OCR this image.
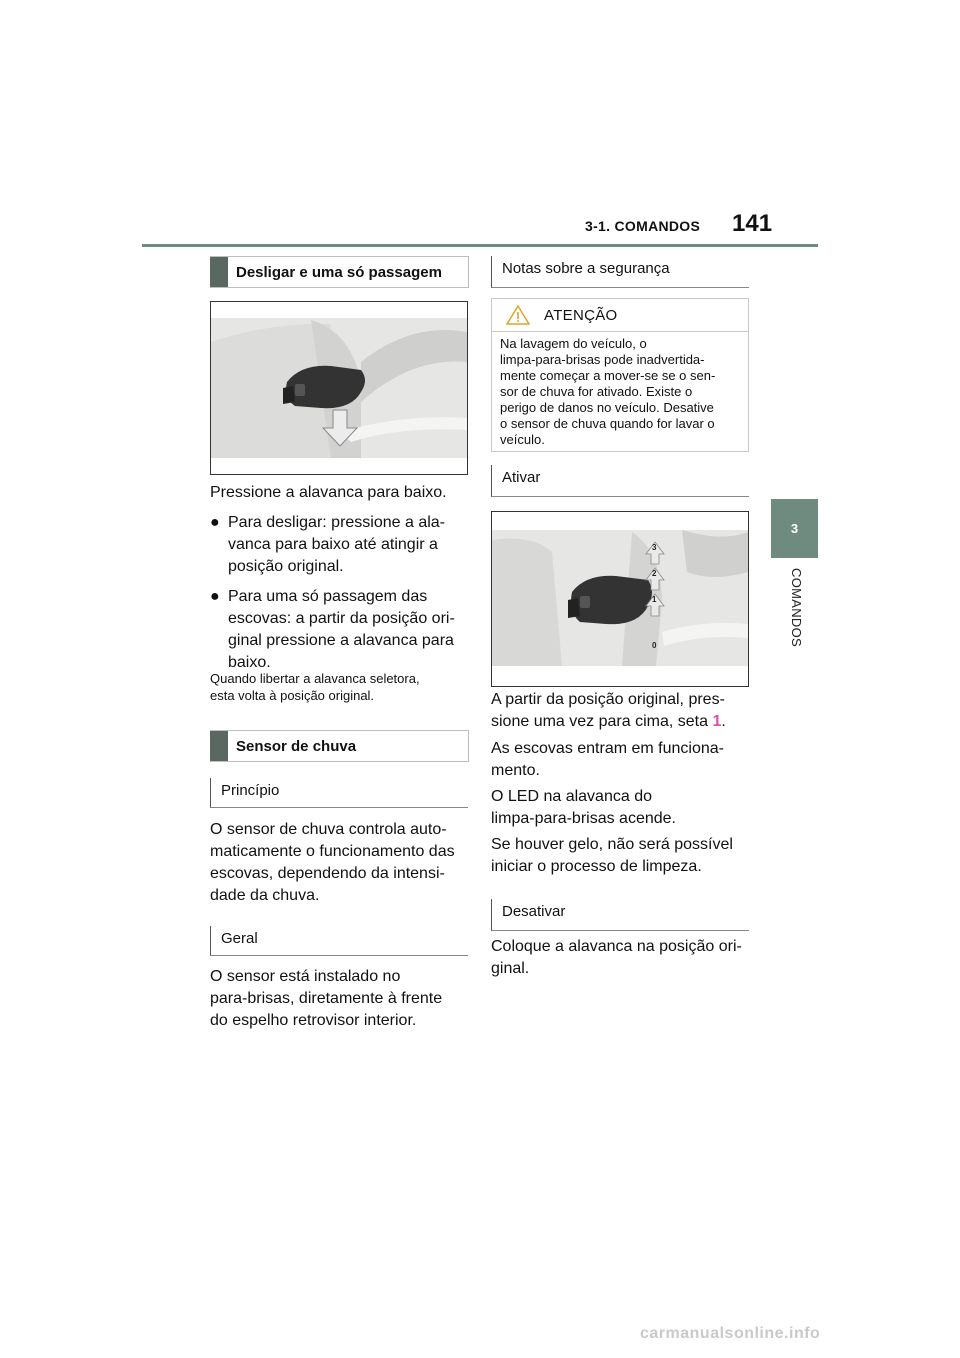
3-1. COMANDOS 141
3
COMANDOS
Desligar e uma só passagem
Pressione a alavanca para baixo.
● Para desligar: pressione a ala-
vanca para baixo até atingir a
posição original.
● Para uma só passagem das
escovas: a partir da posição ori-
ginal pressione a alavanca para
baixo.
Quando libertar a alavanca seletora,
esta volta à posição original.
Sensor de chuva
Princípio
O sensor de chuva controla auto-
maticamente o funcionamento das
escovas, dependendo da intensi-
dade da chuva.
Geral
O sensor está instalado no
para-brisas, diretamente à frente
do espelho retrovisor interior.
Notas sobre a segurança
ATENÇÃO
Na lavagem do veículo, o
limpa-para-brisas pode inadvertida-
mente começar a mover-se se o sen-
sor de chuva for ativado. Existe o
perigo de danos no veículo. Desative
o sensor de chuva quando for lavar o
veículo.
Ativar
3
2
1
0
A partir da posição original, pres-
sione uma vez para cima, seta 1.
As escovas entram em funciona-
mento.
O LED na alavanca do
limpa-para-brisas acende.
Se houver gelo, não será possível
iniciar o processo de limpeza.
Desativar
Coloque a alavanca na posição ori-
ginal.
carmanualsonline.info
